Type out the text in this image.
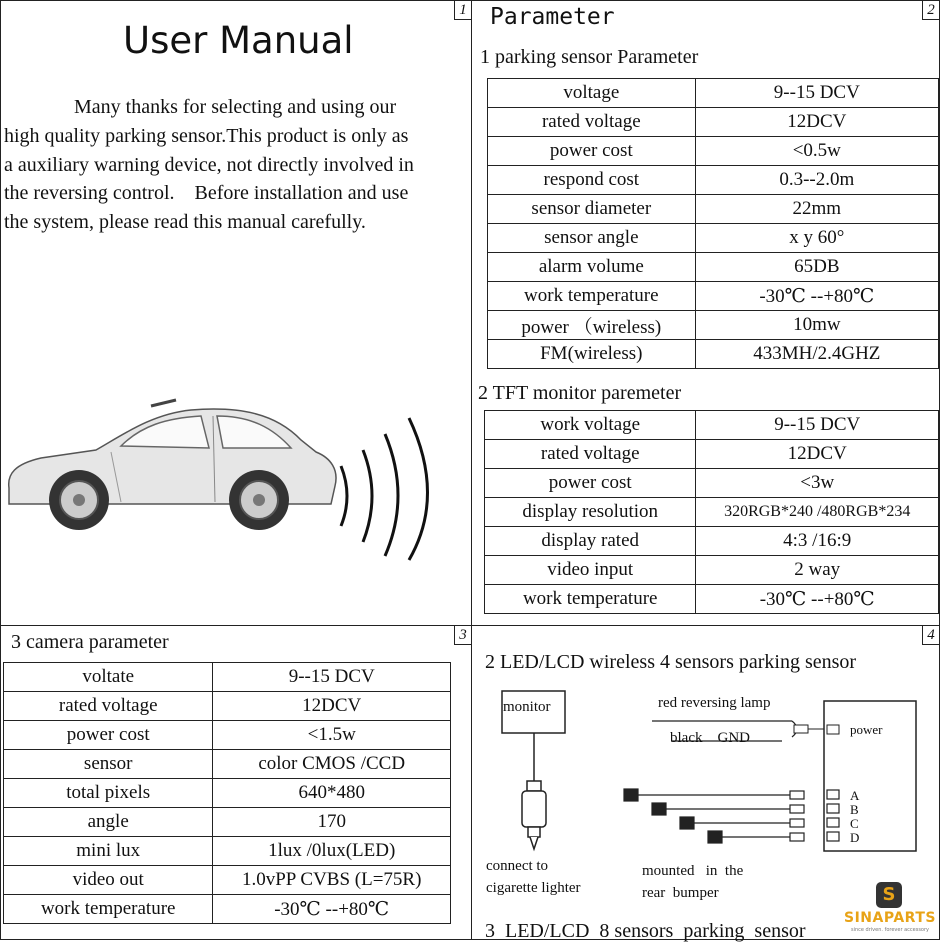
1
User Manual
Many thanks for selecting and using our
high quality parking sensor.This product is only as
a auxiliary warning device, not directly involved in
the reversing control.    Before installation and use
the system, please read this manual carefully.
2
Parameter
1 parking sensor Parameter
voltage	9--15 DCV
rated voltage	12DCV
power cost	<0.5w
respond cost	0.3--2.0m
sensor diameter	22mm
sensor angle	x y 60°
alarm volume	65DB
work temperature	-30℃ --+80℃
power （wireless)	10mw
FM(wireless)	433MH/2.4GHZ
2 TFT monitor paremeter
work voltage	9--15 DCV
rated voltage	12DCV
power cost	<3w
display resolution	320RGB*240 /480RGB*234
display rated	4:3 /16:9
video input	2 way
work temperature	-30℃ --+80℃
3
3 camera parameter
voltate	9--15 DCV
rated voltage	12DCV
power cost	<1.5w
sensor	color CMOS /CCD
total pixels	640*480
angle	170
mini lux	1lux /0lux(LED)
video out	1.0vPP CVBS (L=75R)
work temperature	-30℃ --+80℃
4
2 LED/LCD wireless 4 sensors parking sensor
monitor	red reversing lamp
black    GND
power
A
B
C
D
connect to
cigarette lighter
mounted   in  the
rear  bumper
3  LED/LCD  8 sensors  parking  sensor
S
SINAPARTS
since driven. forever accessory
